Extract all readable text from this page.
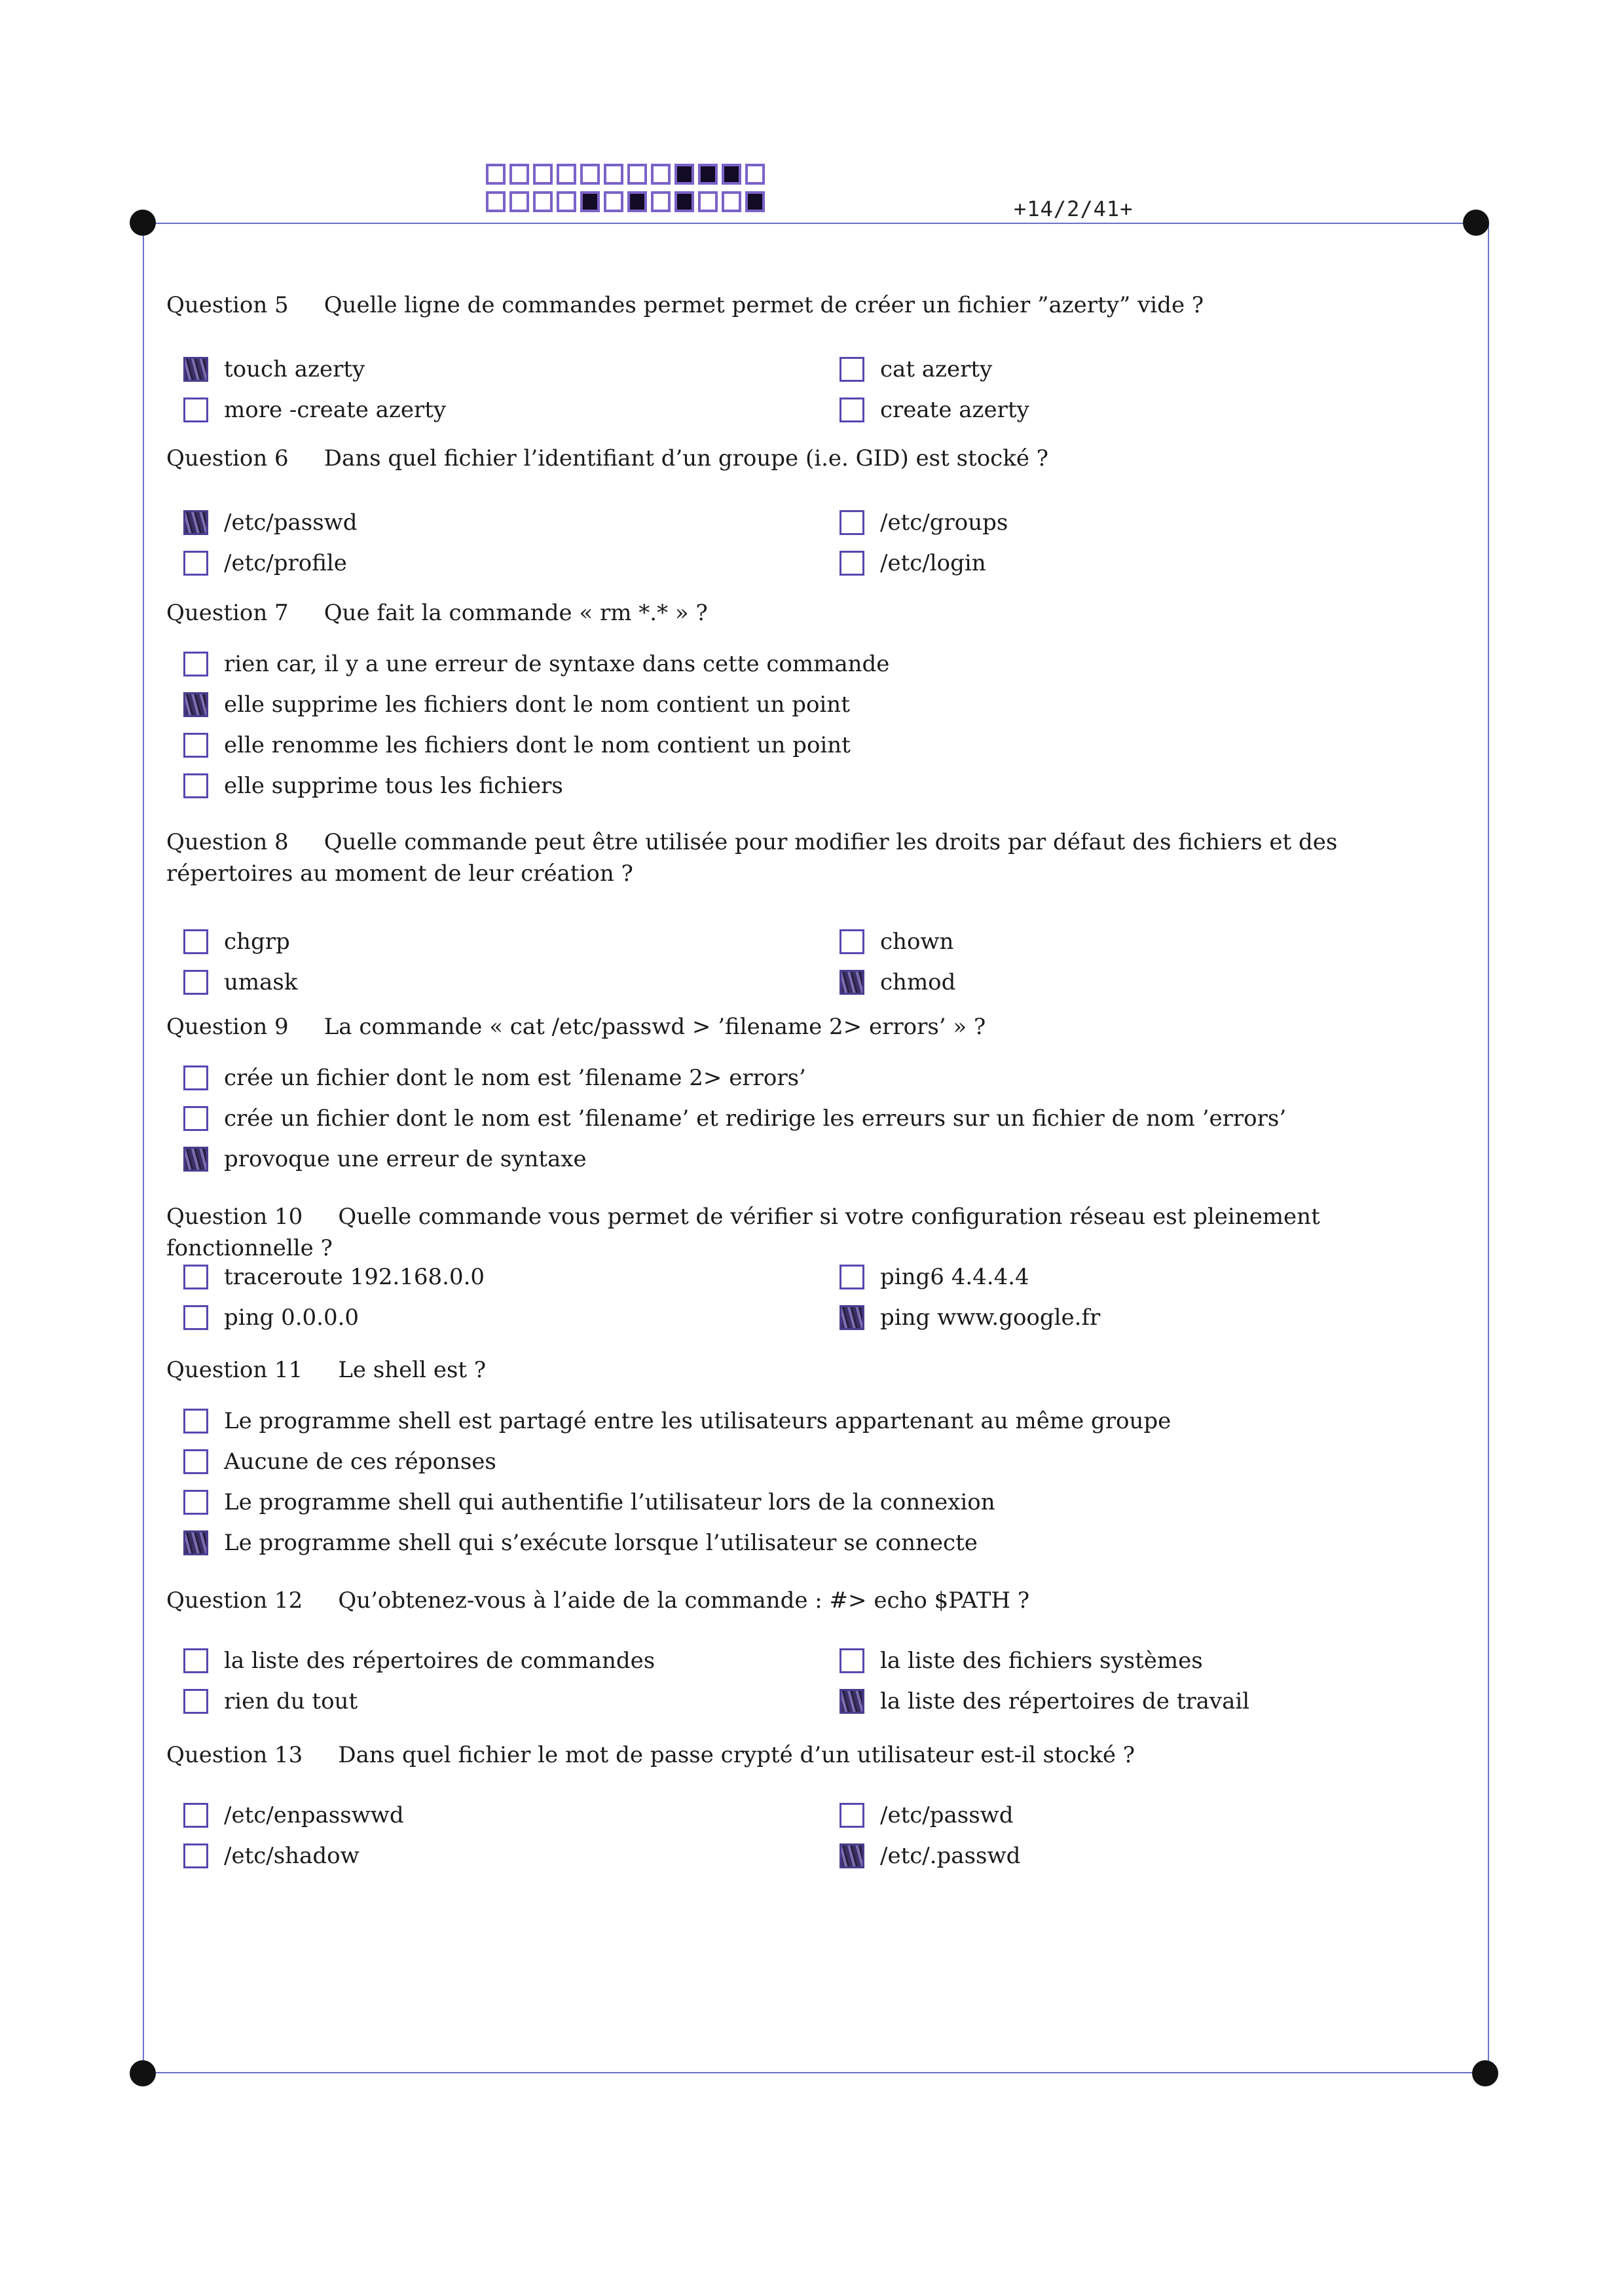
+14/2/41+
Question 5 Quelle ligne de commandes permet permet de créer un fichier ”azerty” vide ?
touch azerty	cat azerty
more -create azerty	create azerty
Question 6 Dans quel fichier l’identifiant d’un groupe (i.e. GID) est stocké ?
/etc/passwd	/etc/groups
/etc/profile	/etc/login
Question 7 Que fait la commande « rm *.* » ?
rien car, il y a une erreur de syntaxe dans cette commande
elle supprime les fichiers dont le nom contient un point
elle renomme les fichiers dont le nom contient un point
elle supprime tous les fichiers
Question 8 Quelle commande peut être utilisée pour modifier les droits par défaut des fichiers et des répertoires au moment de leur création ?
chgrp	chown
umask	chmod
Question 9 La commande « cat /etc/passwd > ’filename 2> errors’ » ?
crée un fichier dont le nom est ’filename 2> errors’
crée un fichier dont le nom est ’filename’ et redirige les erreurs sur un fichier de nom ’errors’
provoque une erreur de syntaxe
Question 10 Quelle commande vous permet de vérifier si votre configuration réseau est pleinement fonctionnelle ?
traceroute 192.168.0.0	ping6 4.4.4.4
ping 0.0.0.0	ping www.google.fr
Question 11 Le shell est ?
Le programme shell est partagé entre les utilisateurs appartenant au même groupe
Aucune de ces réponses
Le programme shell qui authentifie l’utilisateur lors de la connexion
Le programme shell qui s’exécute lorsque l’utilisateur se connecte
Question 12 Qu’obtenez-vous à l’aide de la commande : #> echo $PATH ?
la liste des répertoires de commandes	la liste des fichiers systèmes
rien du tout	la liste des répertoires de travail
Question 13 Dans quel fichier le mot de passe crypté d’un utilisateur est-il stocké ?
/etc/enpasswwd	/etc/passwd
/etc/shadow	/etc/.passwd
